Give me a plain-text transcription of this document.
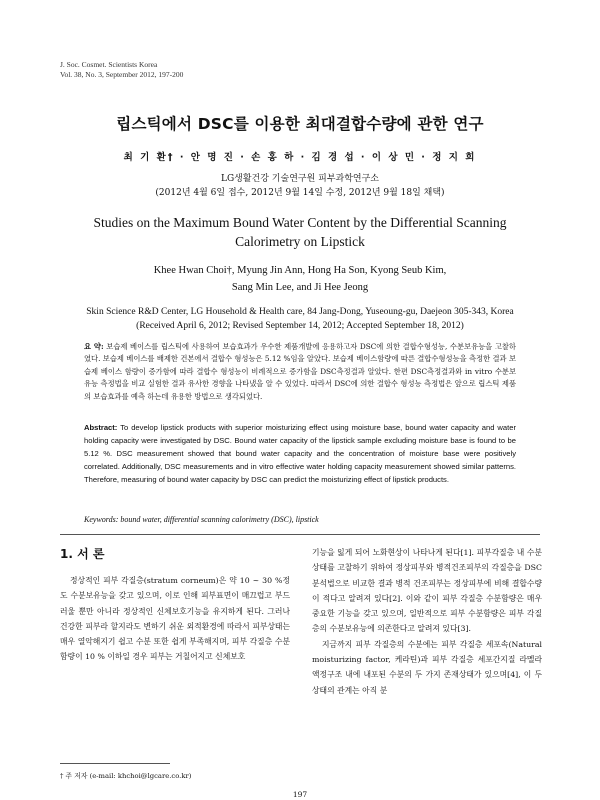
J. Soc. Cosmet. Scientists Korea
Vol. 38, No. 3, September 2012, 197-200
립스틱에서 DSC를 이용한 최대결합수량에 관한 연구
최 기 환† · 안 명 진 · 손 홍 하 · 김 경 섭 · 이 상 민 · 정 지 희
LG생활건강 기술연구원 피부과학연구소
(2012년 4월 6일 접수, 2012년 9월 14일 수정, 2012년 9월 18일 채택)
Studies on the Maximum Bound Water Content by the Differential Scanning
Calorimetry on Lipstick
Khee Hwan Choi†, Myung Jin Ann, Hong Ha Son, Kyong Seub Kim,
Sang Min Lee, and Ji Hee Jeong
Skin Science R&D Center, LG Household & Health care, 84 Jang-Dong, Yuseoung-gu, Daejeon 305-343, Korea
(Received April 6, 2012; Revised September 14, 2012; Accepted September 18, 2012)
요 약: 보습제 베이스를 립스틱에 사용하여 보습효과가 우수한 제품개발에 응용하고자 DSC에 의한 결합수형성능, 수분보유능을 고찰하였다. 보습제 베이스를 배제한 건본에서 결합수 형성능은 5.12 %임을 알았다. 보습제 베이스함량에 따른 결합수형성능을 측정한 결과 보습제 베이스 함량이 증가함에 따라 결합수 형성능이 비례적으로 증가함을 DSC측정결과 알았다. 한편 DSC측정결과와 in vitro 수분보유능 측정법을 비교 실험한 결과 유사한 경향을 나타냈을 알 수 있었다. 따라서 DSC에 의한 결합수 형성능 측정법은 앞으로 립스틱 제품의 보습효과를 예측 하는데 유용한 방법으로 생각되었다.
Abstract: To develop lipstick products with superior moisturizing effect using moisture base, bound water capacity and water holding capacity were investigated by DSC. Bound water capacity of the lipstick sample excluding moisture base is found to be 5.12 %. DSC measurement showed that bound water capacity and the concentration of moisture base were positively correlated. Additionally, DSC measurements and in vitro effective water holding capacity measurement showed similar patterns. Therefore, measuring of bound water capacity by DSC can predict the moisturizing effect of lipstick products.
Keywords: bound water, differential scanning calorimetry (DSC), lipstick
1. 서 론
정상적인 피부 각질층(stratum corneum)은 약 10 ~ 30 %정도 수분보유능을 갖고 있으며, 이로 인해 피부표면이 매끄럽고 부드러울 뿐만 아니라 정상적인 신체보호기능을 유지하게 된다. 그러나 건강한 피부라 할지라도 변하기 쉬운 외적환경에 따라서 피부상태는 매우 열악해지기 쉽고 수분 또한 쉽게 부족해지며, 피부 각질층 수분함량이 10 % 이하일 경우 피부는 거칠어지고 신체보호
기능을 잃게 되어 노화현상이 나타나게 된다[1]. 피부각질층 내 수분상태를 고찰하기 위하여 정상피부와 병적건조피부의 각질층을 DSC 분석법으로 비교한 결과 병적 건조피부는 정상피부에 비해 결합수량이 적다고 알려져 있다[2]. 이와 같이 피부 각질층 수분함량은 매우 중요한 기능을 갖고 있으며, 일반적으로 피부 수분함량은 피부 각질층의 수분보유능에 의존한다고 알려져 있다[3].
지금까지 피부 각질층의 수분에는 피부 각질층 세포속(Natural moisturizing factor, 케라틴)과 피부 각질층 세포간지질 라멜라 액정구조 내에 내포된 수분의 두 가지 존재상태가 있으며[4], 이 두 상태의 관계는 아직 분
† 주 저자 (e-mail: khchoi@lgcare.co.kr)
197
